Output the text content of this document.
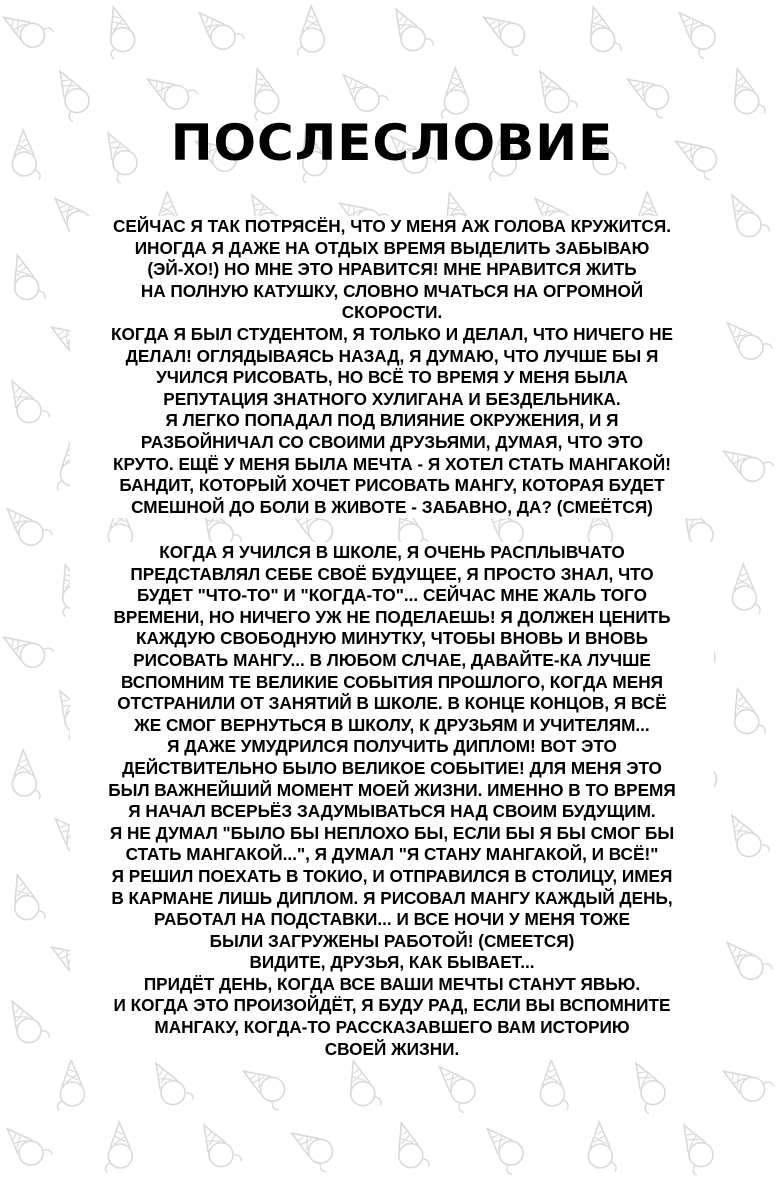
ПОСЛЕСЛОВИЕ
СЕЙЧАС Я ТАК ПОТРЯСЁН, ЧТО У МЕНЯ АЖ ГОЛОВА КРУЖИТСЯ.
ИНОГДА Я ДАЖЕ НА ОТДЫХ ВРЕМЯ ВЫДЕЛИТЬ ЗАБЫВАЮ
(ЭЙ-ХО!) НО МНЕ ЭТО НРАВИТСЯ! МНЕ НРАВИТСЯ ЖИТЬ
НА ПОЛНУЮ КАТУШКУ, СЛОВНО МЧАТЬСЯ НА ОГРОМНОЙ
СКОРОСТИ.
КОГДА Я БЫЛ СТУДЕНТОМ, Я ТОЛЬКО И ДЕЛАЛ, ЧТО НИЧЕГО НЕ
ДЕЛАЛ! ОГЛЯДЫВАЯСЬ НАЗАД, Я ДУМАЮ, ЧТО ЛУЧШЕ БЫ Я
УЧИЛСЯ РИСОВАТЬ, НО ВСЁ ТО ВРЕМЯ У МЕНЯ БЫЛА
РЕПУТАЦИЯ ЗНАТНОГО ХУЛИГАНА И БЕЗДЕЛЬНИКА.
Я ЛЕГКО ПОПАДАЛ ПОД ВЛИЯНИЕ ОКРУЖЕНИЯ, И Я
РАЗБОЙНИЧАЛ СО СВОИМИ ДРУЗЬЯМИ, ДУМАЯ, ЧТО ЭТО
КРУТО. ЕЩЁ У МЕНЯ БЫЛА МЕЧТА - Я ХОТЕЛ СТАТЬ МАНГАКОЙ!
БАНДИТ, КОТОРЫЙ ХОЧЕТ РИСОВАТЬ МАНГУ, КОТОРАЯ БУДЕТ
СМЕШНОЙ ДО БОЛИ В ЖИВОТЕ - ЗАБАВНО, ДА? (СМЕЁТСЯ)
КОГДА Я УЧИЛСЯ В ШКОЛЕ, Я ОЧЕНЬ РАСПЛЫВЧАТО
ПРЕДСТАВЛЯЛ СЕБЕ СВОЁ БУДУЩЕЕ, Я ПРОСТО ЗНАЛ, ЧТО
БУДЕТ "ЧТО-ТО" И "КОГДА-ТО"... СЕЙЧАС МНЕ ЖАЛЬ ТОГО
ВРЕМЕНИ, НО НИЧЕГО УЖ НЕ ПОДЕЛАЕШЬ! Я ДОЛЖЕН ЦЕНИТЬ
КАЖДУЮ СВОБОДНУЮ МИНУТКУ, ЧТОБЫ ВНОВЬ И ВНОВЬ
РИСОВАТЬ МАНГУ... В ЛЮБОМ СЛЧАЕ, ДАВАЙТЕ-КА ЛУЧШЕ
ВСПОМНИМ ТЕ ВЕЛИКИЕ СОБЫТИЯ ПРОШЛОГО, КОГДА МЕНЯ
ОТСТРАНИЛИ ОТ ЗАНЯТИЙ В ШКОЛЕ. В КОНЦЕ КОНЦОВ, Я ВСЁ
ЖЕ СМОГ ВЕРНУТЬСЯ В ШКОЛУ, К ДРУЗЬЯМ И УЧИТЕЛЯМ...
Я ДАЖЕ УМУДРИЛСЯ ПОЛУЧИТЬ ДИПЛОМ! ВОТ ЭТО
ДЕЙСТВИТЕЛЬНО БЫЛО ВЕЛИКОЕ СОБЫТИЕ! ДЛЯ МЕНЯ ЭТО
БЫЛ ВАЖНЕЙШИЙ МОМЕНТ МОЕЙ ЖИЗНИ. ИМЕННО В ТО ВРЕМЯ
Я НАЧАЛ ВСЕРЬЁЗ ЗАДУМЫВАТЬСЯ НАД СВОИМ БУДУЩИМ.
Я НЕ ДУМАЛ "БЫЛО БЫ НЕПЛОХО БЫ, ЕСЛИ БЫ Я БЫ СМОГ БЫ
СТАТЬ МАНГАКОЙ...", Я ДУМАЛ "Я СТАНУ МАНГАКОЙ, И ВСЁ!"
Я РЕШИЛ ПОЕХАТЬ В ТОКИО, И ОТПРАВИЛСЯ В СТОЛИЦУ, ИМЕЯ
В КАРМАНЕ ЛИШЬ ДИПЛОМ. Я РИСОВАЛ МАНГУ КАЖДЫЙ ДЕНЬ,
РАБОТАЛ НА ПОДСТАВКИ... И ВСЕ НОЧИ У МЕНЯ ТОЖЕ
БЫЛИ ЗАГРУЖЕНЫ РАБОТОЙ! (СМЕЕТСЯ)
ВИДИТЕ, ДРУЗЬЯ, КАК БЫВАЕТ...
ПРИДЁТ ДЕНЬ, КОГДА ВСЕ ВАШИ МЕЧТЫ СТАНУТ ЯВЬЮ.
И КОГДА ЭТО ПРОИЗОЙДЁТ, Я БУДУ РАД, ЕСЛИ ВЫ ВСПОМНИТЕ
МАНГАКУ, КОГДА-ТО РАССКАЗАВШЕГО ВАМ ИСТОРИЮ
СВОЕЙ ЖИЗНИ.
